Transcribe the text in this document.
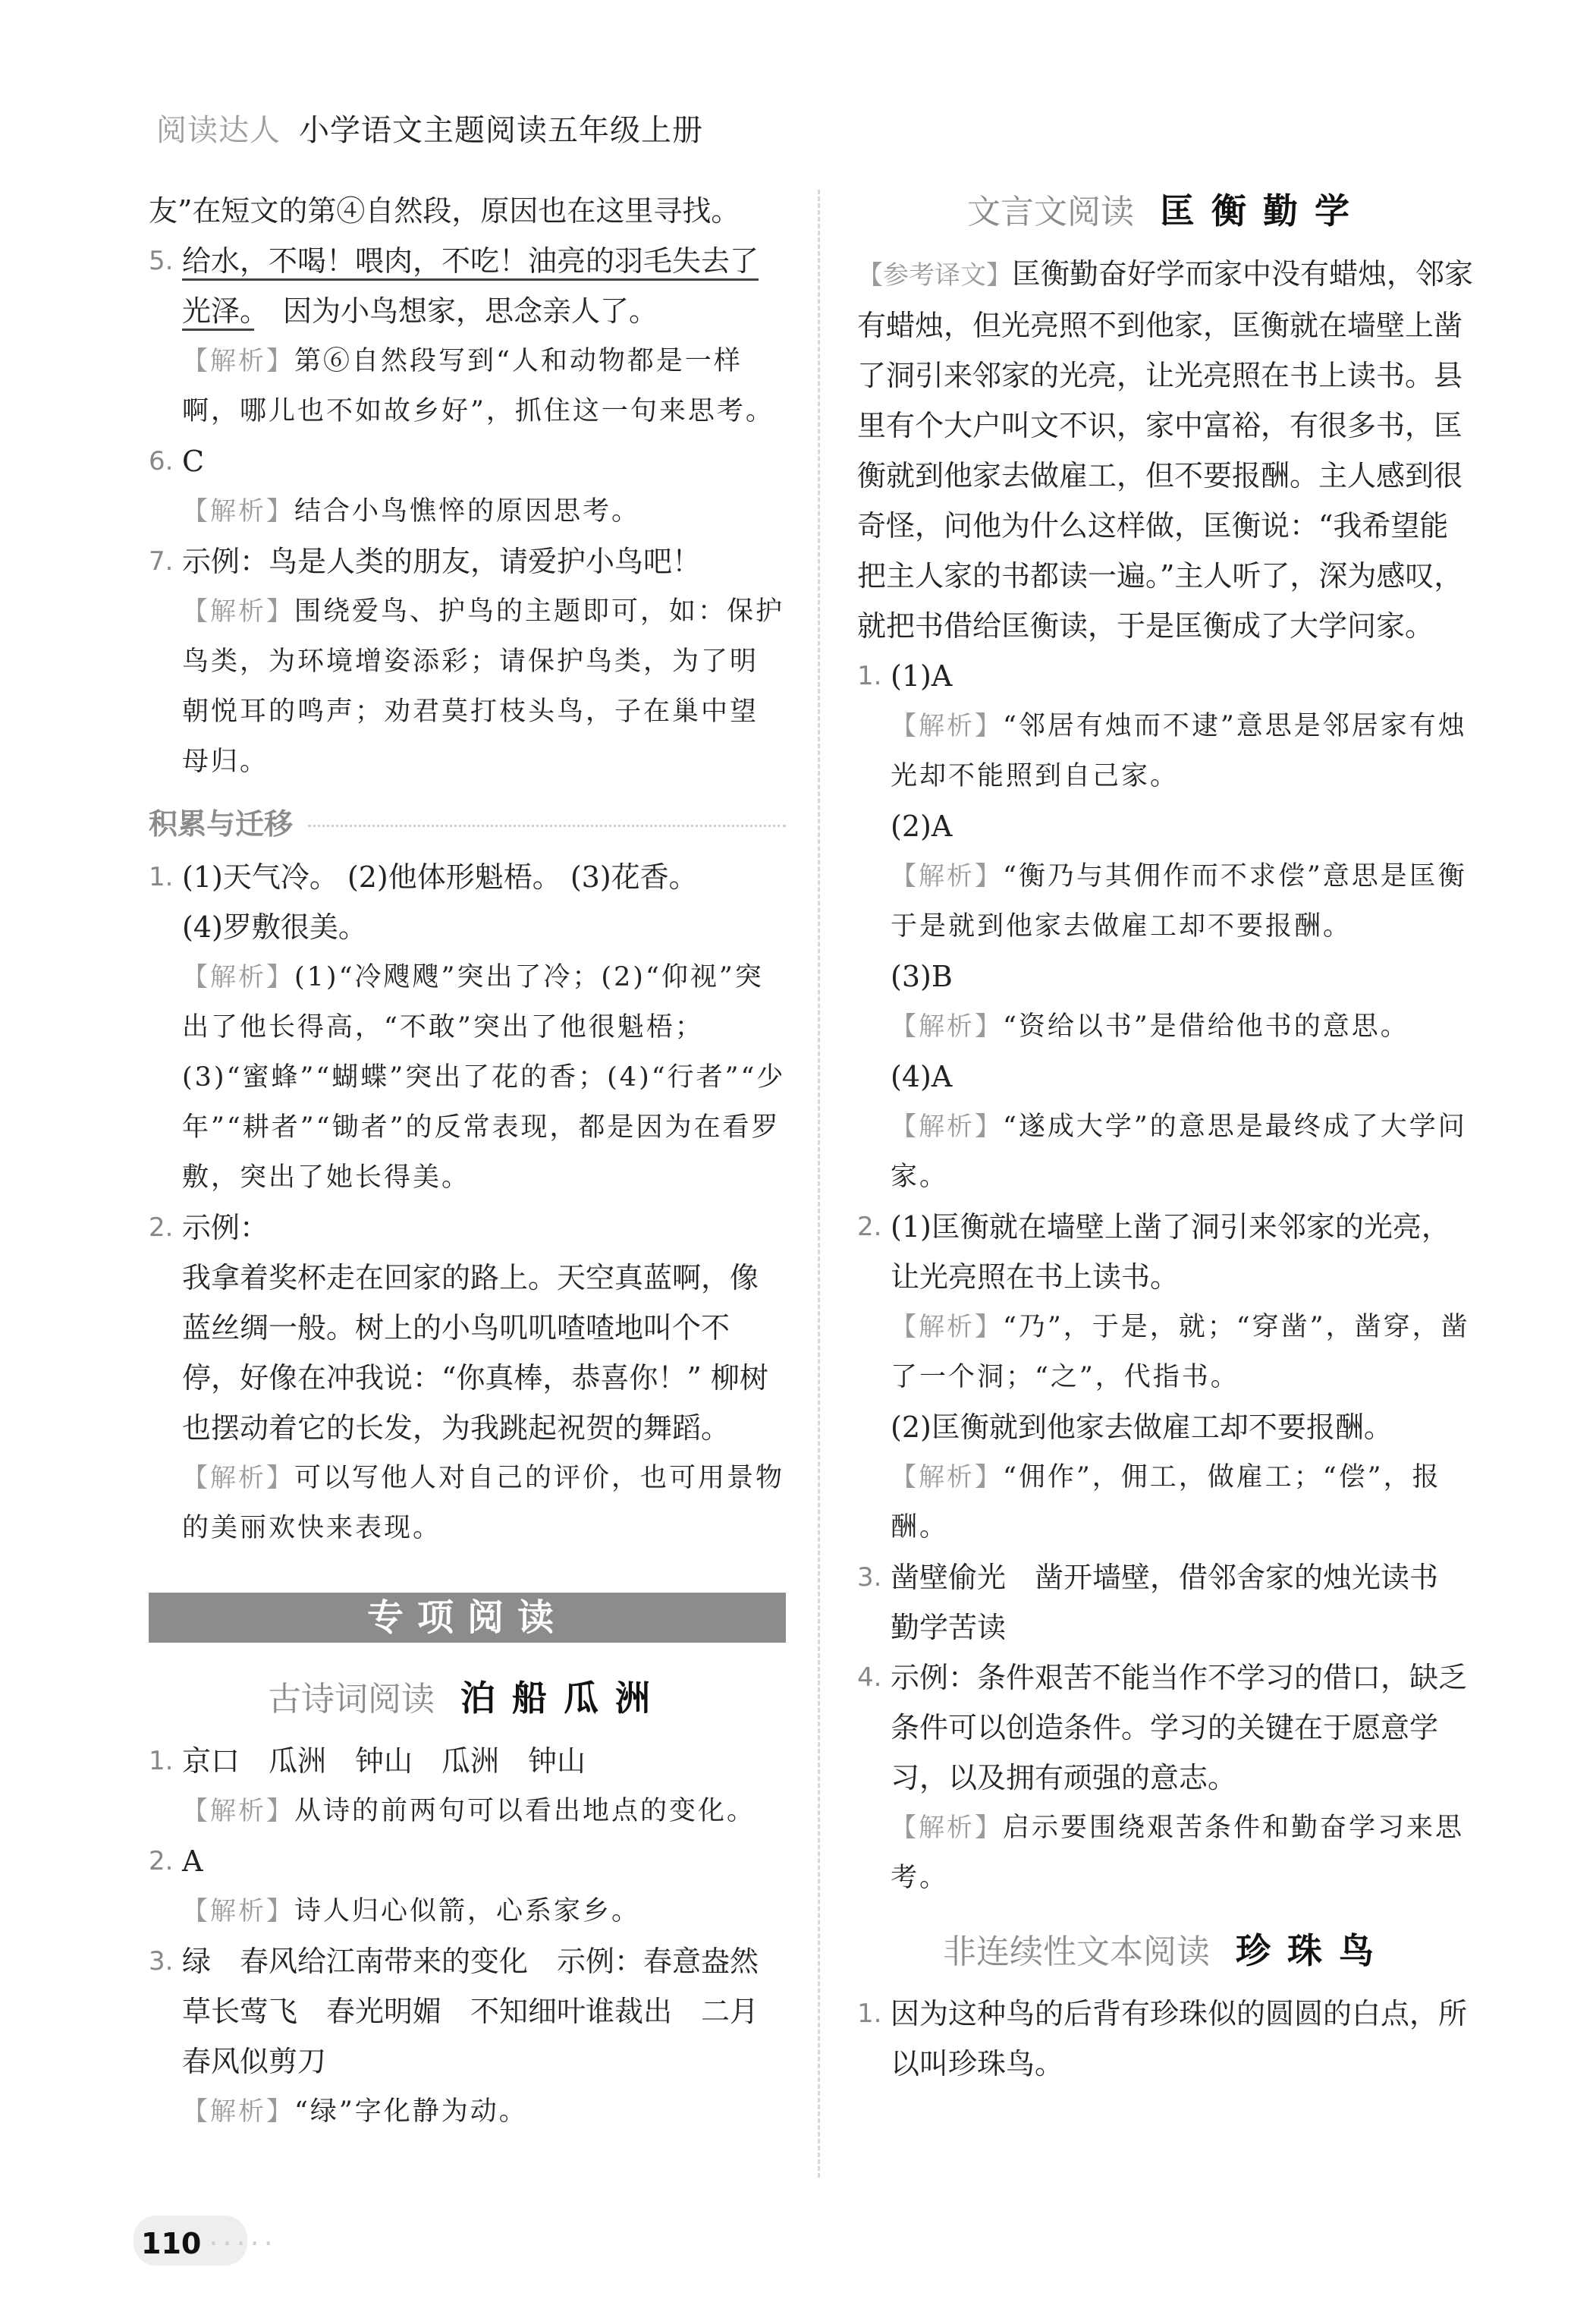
阅读达人 小学语文主题阅读五年级上册

友”在短文的第④自然段，原因也在这里寻找。

5. 给水，不喝！喂肉，不吃！油亮的羽毛失去了光泽。　 因为小鸟想家，思念亲人了。

【解析】第⑥自然段写到“人和动物都是一样啊，哪儿也不如故乡好”，抓住这一句来思考。

6. C

【解析】结合小鸟憔悴的原因思考。

7. 示例：鸟是人类的朋友，请爱护小鸟吧！

【解析】围绕爱鸟、护鸟的主题即可，如：保护鸟类，为环境增姿添彩；请保护鸟类，为了明朝悦耳的鸣声；劝君莫打枝头鸟，子在巢中望母归。

积累与迁移
1. (1)天气冷。 (2)他体形魁梧。 (3)花香。

(4)罗敷很美。

【解析】(1)“冷飕飕”突出了冷；(2)“仰视”突出了他长得高，“不敢”突出了他很魁梧；(3)“蜜蜂”“蝴蝶”突出了花的香；(4)“行者”“少年”“耕者”“锄者”的反常表现，都是因为在看罗敷，突出了她长得美。

2. 示例：

我拿着奖杯走在回家的路上。天空真蓝啊，像蓝丝绸一般。树上的小鸟叽叽喳喳地叫个不停，好像在冲我说：“你真棒，恭喜你！” 柳树也摆动着它的长发，为我跳起祝贺的舞蹈。

【解析】可以写他人对自己的评价，也可用景物的美丽欢快来表现。

专项阅读
古诗词阅读 泊船瓜洲
1. 京口　瓜洲　钟山　瓜洲　钟山

【解析】从诗的前两句可以看出地点的变化。

2. A

【解析】诗人归心似箭，心系家乡。

3. 绿　春风给江南带来的变化　示例：春意盎然　草长莺飞　春光明媚　不知细叶谁裁出　二月春风似剪刀

【解析】“绿”字化静为动。

文言文阅读 匡衡勤学

【参考译文】匡衡勤奋好学而家中没有蜡烛，邻家有蜡烛，但光亮照不到他家，匡衡就在墙壁上凿了洞引来邻家的光亮，让光亮照在书上读书。县里有个大户叫文不识，家中富裕，有很多书，匡衡就到他家去做雇工，但不要报酬。主人感到很奇怪，问他为什么这样做，匡衡说：“我希望能把主人家的书都读一遍。”主人听了，深为感叹，就把书借给匡衡读，于是匡衡成了大学问家。

1. (1)A

【解析】“邻居有烛而不逮”意思是邻居家有烛光却不能照到自己家。

(2)A

【解析】“衡乃与其佣作而不求偿”意思是匡衡于是就到他家去做雇工却不要报酬。

(3)B

【解析】“资给以书”是借给他书的意思。

(4)A

【解析】“遂成大学”的意思是最终成了大学问家。

2. (1)匡衡就在墙壁上凿了洞引来邻家的光亮，让光亮照在书上读书。

【解析】“乃”，于是，就；“穿凿”，凿穿，凿了一个洞；“之”，代指书。

(2)匡衡就到他家去做雇工却不要报酬。

【解析】“佣作”，佣工，做雇工；“偿”，报酬。

3. 凿壁偷光　凿开墙壁，借邻舍家的烛光读书　勤学苦读

4. 示例：条件艰苦不能当作不学习的借口，缺乏条件可以创造条件。学习的关键在于愿意学习，以及拥有顽强的意志。

【解析】启示要围绕艰苦条件和勤奋学习来思考。

非连续性文本阅读 珍珠鸟
1. 因为这种鸟的后背有珍珠似的圆圆的白点，所以叫珍珠鸟。

110 ·····
